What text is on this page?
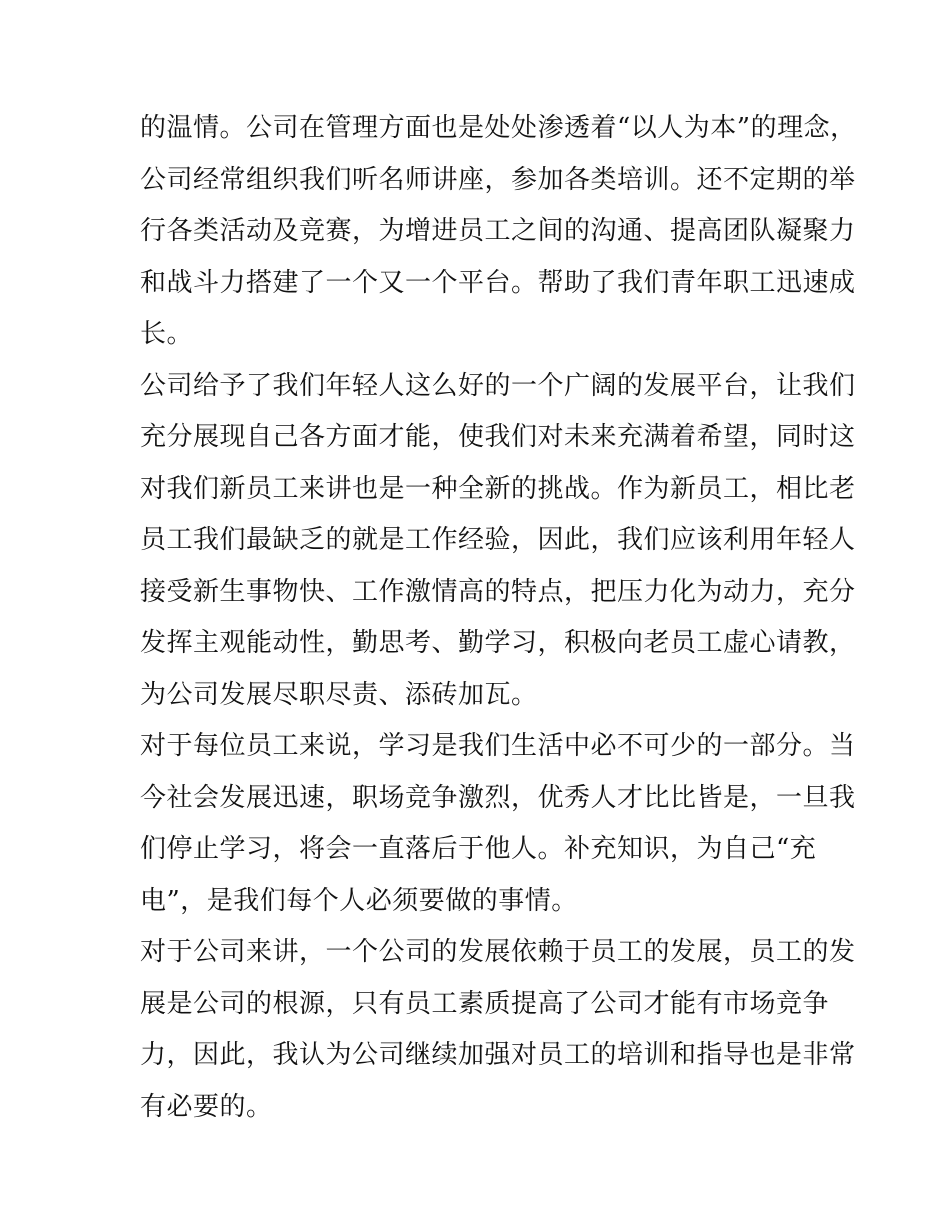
的温情。公司在管理方面也是处处渗透着“以人为本”的理念，
公司经常组织我们听名师讲座，参加各类培训。还不定期的举
行各类活动及竞赛，为增进员工之间的沟通、提高团队凝聚力
和战斗力搭建了一个又一个平台。帮助了我们青年职工迅速成
长。
公司给予了我们年轻人这么好的一个广阔的发展平台，让我们
充分展现自己各方面才能，使我们对未来充满着希望，同时这
对我们新员工来讲也是一种全新的挑战。作为新员工，相比老
员工我们最缺乏的就是工作经验，因此，我们应该利用年轻人
接受新生事物快、工作激情高的特点，把压力化为动力，充分
发挥主观能动性，勤思考、勤学习，积极向老员工虚心请教，
为公司发展尽职尽责、添砖加瓦。
对于每位员工来说，学习是我们生活中必不可少的一部分。当
今社会发展迅速，职场竞争激烈，优秀人才比比皆是，一旦我
们停止学习，将会一直落后于他人。补充知识，为自己“充
电”，是我们每个人必须要做的事情。
对于公司来讲，一个公司的发展依赖于员工的发展，员工的发
展是公司的根源，只有员工素质提高了公司才能有市场竞争
力，因此，我认为公司继续加强对员工的培训和指导也是非常
有必要的。
